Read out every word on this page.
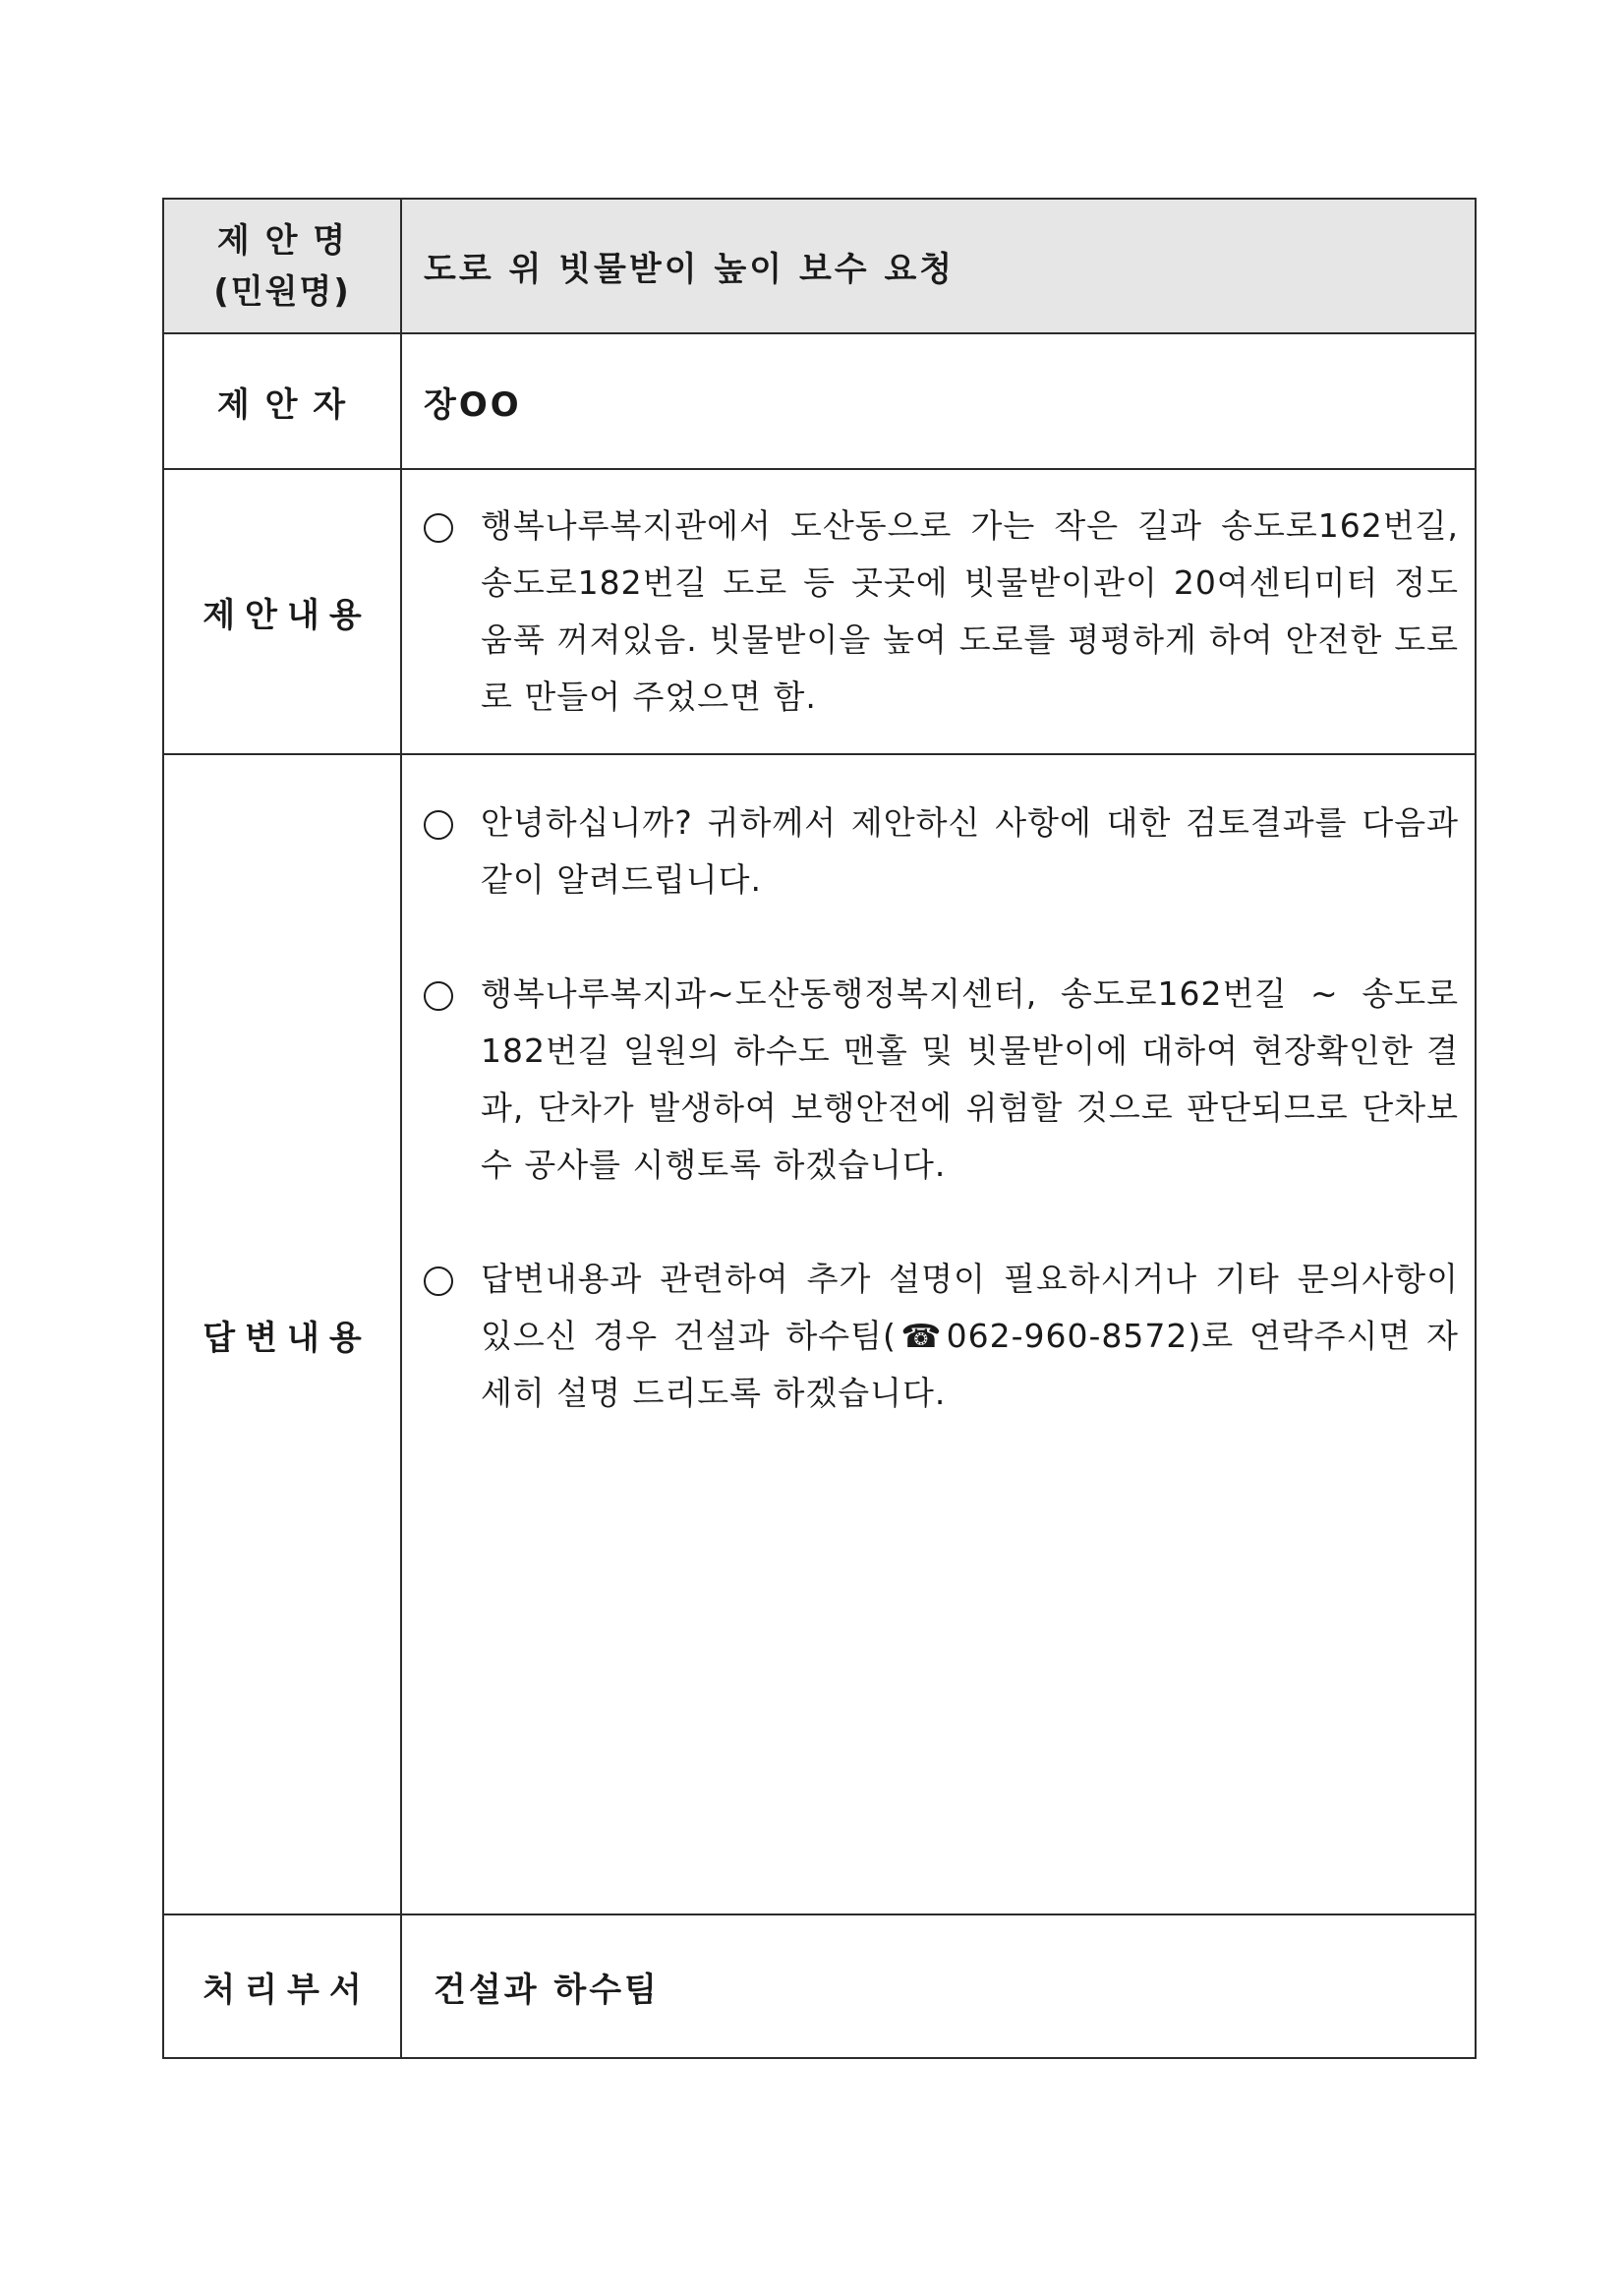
제 안 명
(민원명)	도로 위 빗물받이 높이 보수 요청
제 안 자	장OO
제안내용	행복나루복지관에서 도산동으로 가는 작은 길과 송도로162번길, 송도로182번길 도로 등 곳곳에 빗물받이관이 20여센티미터 정도 움푹 꺼져있음. 빗물받이을 높여 도로를 평평하게 하여 안전한 도로로 만들어 주었으면 함.

답변내용	안녕하십니까? 귀하께서 제안하신 사항에 대한 검토결과를 다음과 같이 알려드립니다.
행복나루복지과~도산동행정복지센터, 송도로162번길 ~ 송도로182번길 일원의 하수도 맨홀 및 빗물받이에 대하여 현장확인한 결과, 단차가 발생하여 보행안전에 위험할 것으로 판단되므로 단차보수 공사를 시행토록 하겠습니다.
답변내용과 관련하여 추가 설명이 필요하시거나 기타 문의사항이 있으신 경우 건설과 하수팀(☎062-960-8572)로 연락주시면 자세히 설명 드리도록 하겠습니다.

처리부서	건설과 하수팀
